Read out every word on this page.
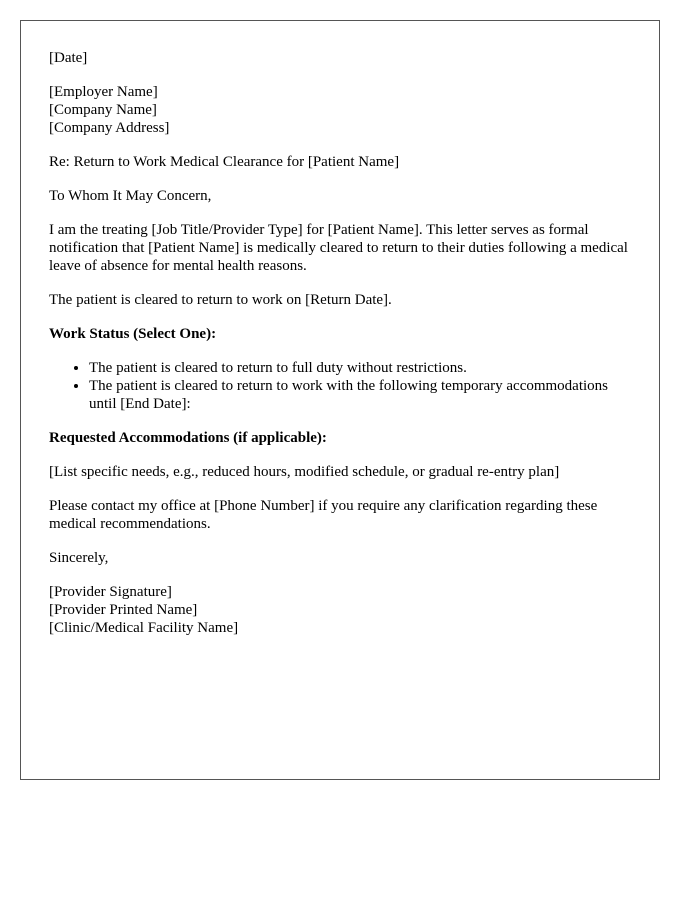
[Date]

[Employer Name]
[Company Name]
[Company Address]

Re: Return to Work Medical Clearance for [Patient Name]

To Whom It May Concern,

I am the treating [Job Title/Provider Type] for [Patient Name]. This letter serves as formal notification that [Patient Name] is medically cleared to return to their duties following a medical leave of absence for mental health reasons.

The patient is cleared to return to work on [Return Date].

Work Status (Select One):

• The patient is cleared to return to full duty without restrictions.
• The patient is cleared to return to work with the following temporary accommodations until [End Date]:

Requested Accommodations (if applicable):

[List specific needs, e.g., reduced hours, modified schedule, or gradual re-entry plan]

Please contact my office at [Phone Number] if you require any clarification regarding these medical recommendations.

Sincerely,

[Provider Signature]
[Provider Printed Name]
[Clinic/Medical Facility Name]
